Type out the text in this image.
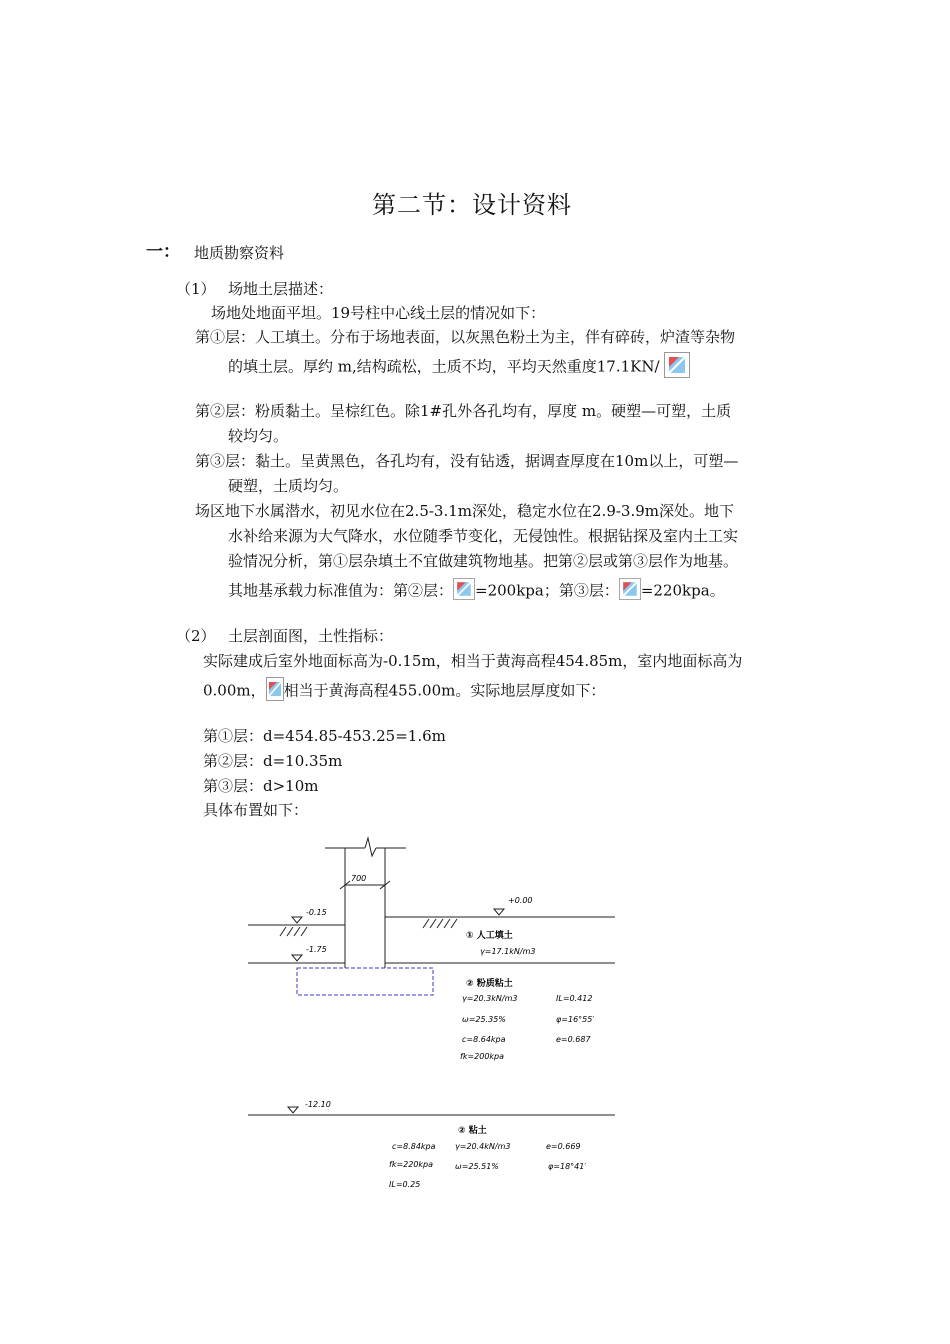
第二节：设计资料
一： 地质勘察资料
（1） 场地土层描述：
场地处地面平坦。19号柱中心线土层的情况如下：
第①层：人工填土。分布于场地表面，以灰黑色粉土为主，伴有碎砖，炉渣等杂物
的填土层。厚约 m,结构疏松，土质不均，平均天然重度17.1KN/
第②层：粉质黏土。呈棕红色。除1#孔外各孔均有，厚度 m。硬塑—可塑，土质
较均匀。
第③层：黏土。呈黄黑色，各孔均有，没有钻透，据调查厚度在10m以上，可塑—
硬塑，土质均匀。
场区地下水属潜水，初见水位在2.5-3.1m深处，稳定水位在2.9-3.9m深处。地下
水补给来源为大气降水，水位随季节变化，无侵蚀性。根据钻探及室内土工实
验情况分析，第①层杂填土不宜做建筑物地基。把第②层或第③层作为地基。
其地基承载力标准值为：第②层： =200kpa；第③层： =220kpa。
（2） 土层剖面图，土性指标：
实际建成后室外地面标高为-0.15m，相当于黄海高程454.85m，室内地面标高为
0.00m， 相当于黄海高程455.00m。实际地层厚度如下：
第①层：d=454.85-453.25=1.6m
第②层：d=10.35m
第③层：d>10m
具体布置如下：
700
+0.00
-0.15
-1.75
-12.10
① 人工填土
γ=17.1kN/m3
② 粉质粘土
γ=20.3kN/m3	IL=0.412
ω=25.35%	φ=16°55′
c=8.64kpa	e=0.687
fk=200kpa
② 粘土
c=8.84kpa γ=20.4kN/m3	e=0.669
fk=220kpa	ω=25.51%	φ=18°41′
IL=0.25
